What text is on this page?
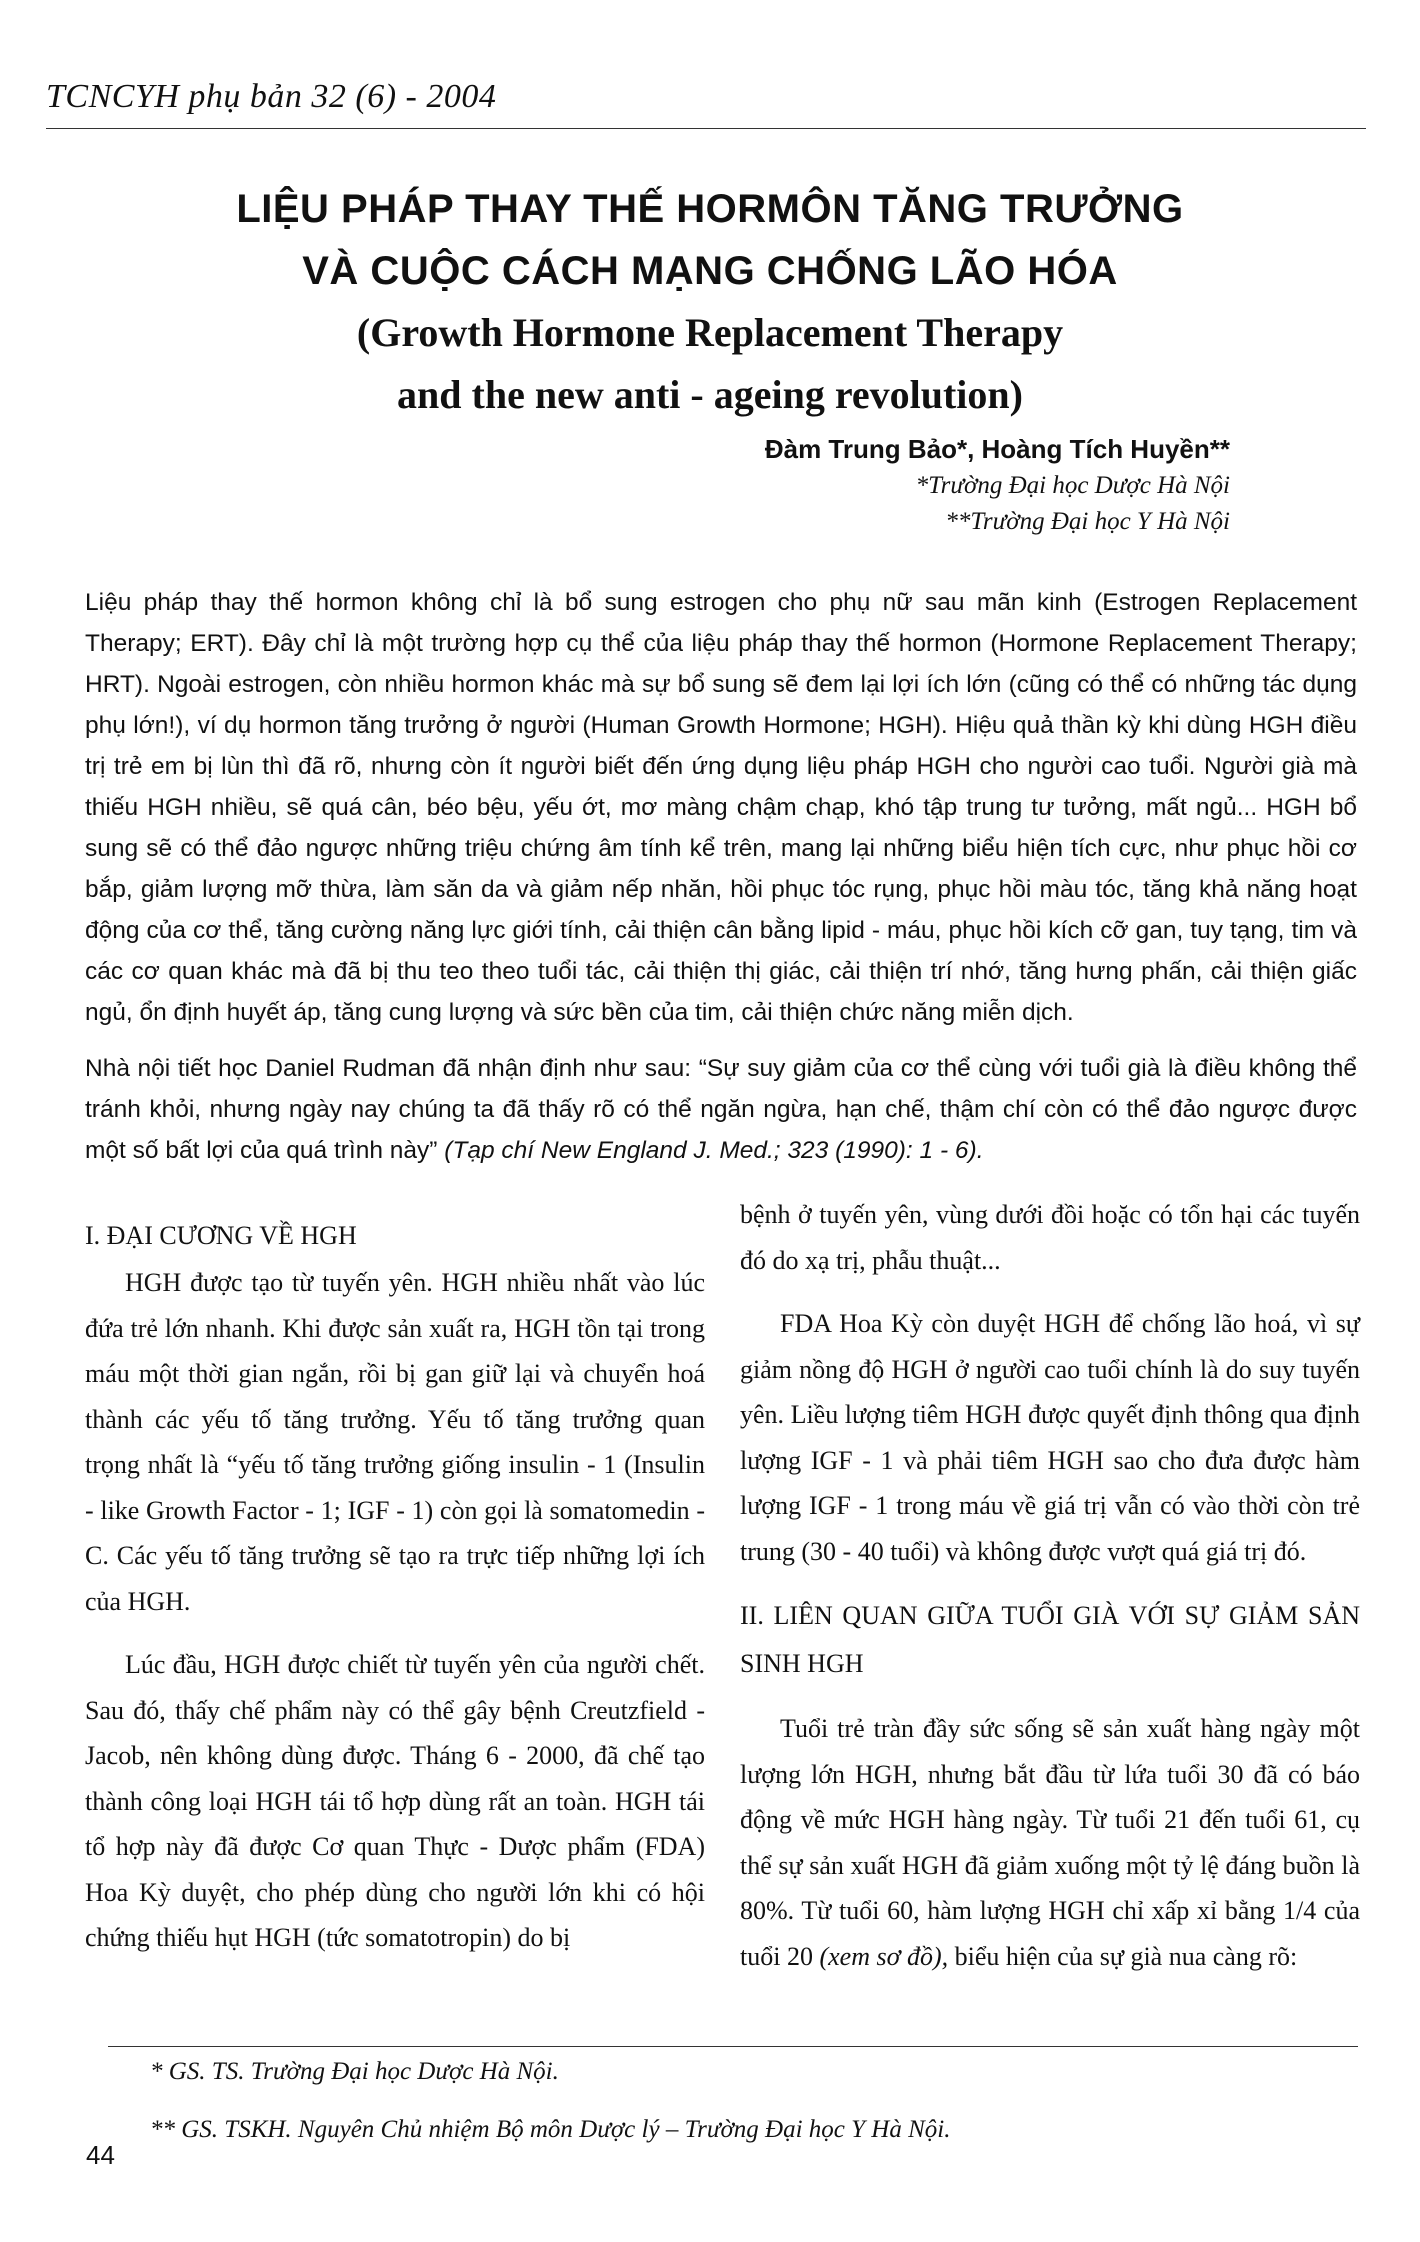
TCNCYH phụ bản 32 (6) - 2004
LIỆU PHÁP THAY THẾ HORMÔN TĂNG TRƯỞNG
VÀ CUỘC CÁCH MẠNG CHỐNG LÃO HÓA
(Growth Hormone Replacement Therapy
and the new anti - ageing revolution)
Đàm Trung Bảo*, Hoàng Tích Huyền**
*Trường Đại học Dược Hà Nội
**Trường Đại học Y Hà Nội

Liệu pháp thay thế hormon không chỉ là bổ sung estrogen cho phụ nữ sau mãn kinh (Estrogen Replacement Therapy; ERT). Đây chỉ là một trường hợp cụ thể của liệu pháp thay thế hormon (Hormone Replacement Therapy; HRT). Ngoài estrogen, còn nhiều hormon khác mà sự bổ sung sẽ đem lại lợi ích lớn (cũng có thể có những tác dụng phụ lớn!), ví dụ hormon tăng trưởng ở người (Human Growth Hormone; HGH). Hiệu quả thần kỳ khi dùng HGH điều trị trẻ em bị lùn thì đã rõ, nhưng còn ít người biết đến ứng dụng liệu pháp HGH cho người cao tuổi. Người già mà thiếu HGH nhiều, sẽ quá cân, béo bệu, yếu ớt, mơ màng chậm chạp, khó tập trung tư tưởng, mất ngủ... HGH bổ sung sẽ có thể đảo ngược những triệu chứng âm tính kể trên, mang lại những biểu hiện tích cực, như phục hồi cơ bắp, giảm lượng mỡ thừa, làm săn da và giảm nếp nhăn, hồi phục tóc rụng, phục hồi màu tóc, tăng khả năng hoạt động của cơ thể, tăng cường năng lực giới tính, cải thiện cân bằng lipid - máu, phục hồi kích cỡ gan, tuy tạng, tim và các cơ quan khác mà đã bị thu teo theo tuổi tác, cải thiện thị giác, cải thiện trí nhớ, tăng hưng phấn, cải thiện giấc ngủ, ổn định huyết áp, tăng cung lượng và sức bền của tim, cải thiện chức năng miễn dịch.

Nhà nội tiết học Daniel Rudman đã nhận định như sau: “Sự suy giảm của cơ thể cùng với tuổi già là điều không thể tránh khỏi, nhưng ngày nay chúng ta đã thấy rõ có thể ngăn ngừa, hạn chế, thậm chí còn có thể đảo ngược được một số bất lợi của quá trình này” (Tạp chí New England J. Med.; 323 (1990): 1 - 6).

I. ĐẠI CƯƠNG VỀ HGH

HGH được tạo từ tuyến yên. HGH nhiều nhất vào lúc đứa trẻ lớn nhanh. Khi được sản xuất ra, HGH tồn tại trong máu một thời gian ngắn, rồi bị gan giữ lại và chuyển hoá thành các yếu tố tăng trưởng. Yếu tố tăng trưởng quan trọng nhất là “yếu tố tăng trưởng giống insulin - 1 (Insulin - like Growth Factor - 1; IGF - 1) còn gọi là somatomedin - C. Các yếu tố tăng trưởng sẽ tạo ra trực tiếp những lợi ích của HGH.

Lúc đầu, HGH được chiết từ tuyến yên của người chết. Sau đó, thấy chế phẩm này có thể gây bệnh Creutzfield - Jacob, nên không dùng được. Tháng 6 - 2000, đã chế tạo thành công loại HGH tái tổ hợp dùng rất an toàn. HGH tái tổ hợp này đã được Cơ quan Thực - Dược phẩm (FDA) Hoa Kỳ duyệt, cho phép dùng cho người lớn khi có hội chứng thiếu hụt HGH (tức somatotropin) do bị

bệnh ở tuyến yên, vùng dưới đồi hoặc có tổn hại các tuyến đó do xạ trị, phẫu thuật...

FDA Hoa Kỳ còn duyệt HGH để chống lão hoá, vì sự giảm nồng độ HGH ở người cao tuổi chính là do suy tuyến yên. Liều lượng tiêm HGH được quyết định thông qua định lượng IGF - 1 và phải tiêm HGH sao cho đưa được hàm lượng IGF - 1 trong máu về giá trị vẫn có vào thời còn trẻ trung (30 - 40 tuổi) và không được vượt quá giá trị đó.

II. LIÊN QUAN GIỮA TUỔI GIÀ VỚI SỰ GIẢM SẢN SINH HGH

Tuổi trẻ tràn đầy sức sống sẽ sản xuất hàng ngày một lượng lớn HGH, nhưng bắt đầu từ lứa tuổi 30 đã có báo động về mức HGH hàng ngày. Từ tuổi 21 đến tuổi 61, cụ thể sự sản xuất HGH đã giảm xuống một tỷ lệ đáng buồn là 80%. Từ tuổi 60, hàm lượng HGH chỉ xấp xỉ bằng 1/4 của tuổi 20 (xem sơ đồ), biểu hiện của sự già nua càng rõ:

* GS. TS. Trường Đại học Dược Hà Nội.
** GS. TSKH. Nguyên Chủ nhiệm Bộ môn Dược lý – Trường Đại học Y Hà Nội.
44
